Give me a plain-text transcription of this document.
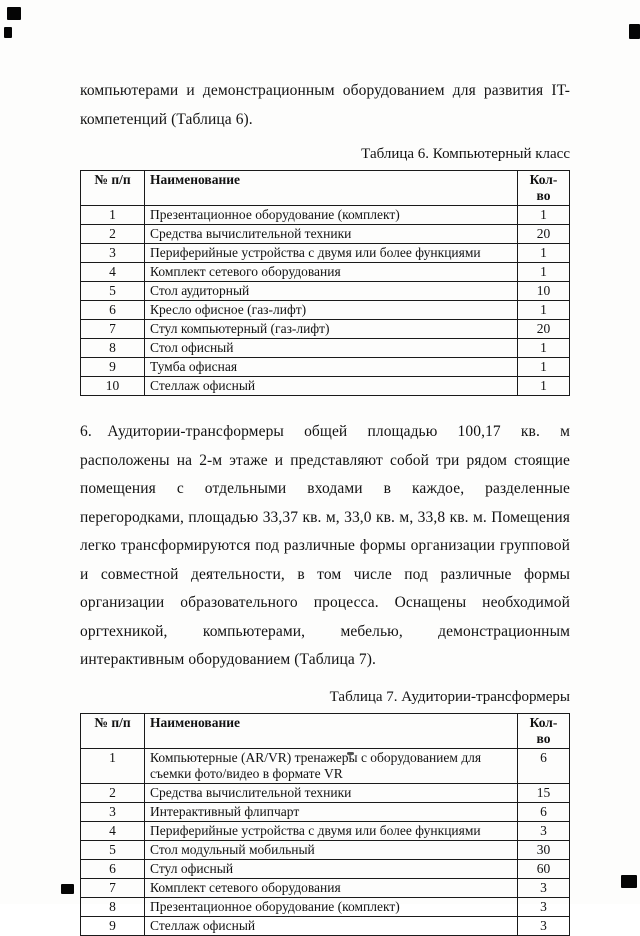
компьютерами и демонстрационным оборудованием для развития IT-компетенций (Таблица 6).

Таблица 6. Компьютерный класс

№ п/п	Наименование	Кол-во
1	Презентационное оборудование (комплект)	1
2	Средства вычислительной техники	20
3	Периферийные устройства с двумя или более функциями	1
4	Комплект сетевого оборудования	1
5	Стол аудиторный	10
6	Кресло офисное (газ-лифт)	1
7	Стул компьютерный (газ-лифт)	20
8	Стол офисный	1
9	Тумба офисная	1
10	Стеллаж офисный	1

6. Аудитории-трансформеры общей площадью 100,17 кв. м расположены на 2-м этаже и представляют собой три рядом стоящие помещения с отдельными входами в каждое, разделенные перегородками, площадью 33,37 кв. м, 33,0 кв. м, 33,8 кв. м. Помещения легко трансформируются под различные формы организации групповой и совместной деятельности, в том числе под различные формы организации образовательного процесса. Оснащены необходимой оргтехникой, компьютерами, мебелью, демонстрационным интерактивным оборудованием (Таблица 7).

Таблица 7. Аудитории-трансформеры

№ п/п	Наименование	Кол-во
1	Компьютерные (AR/VR) тренажеры с оборудованием для съемки фото/видео в формате VR	6
2	Средства вычислительной техники	15
3	Интерактивный флипчарт	6
4	Периферийные устройства с двумя или более функциями	3
5	Стол модульный мобильный	30
6	Стул офисный	60
7	Комплект сетевого оборудования	3
8	Презентационное оборудование (комплект)	3
9	Стеллаж офисный	3
